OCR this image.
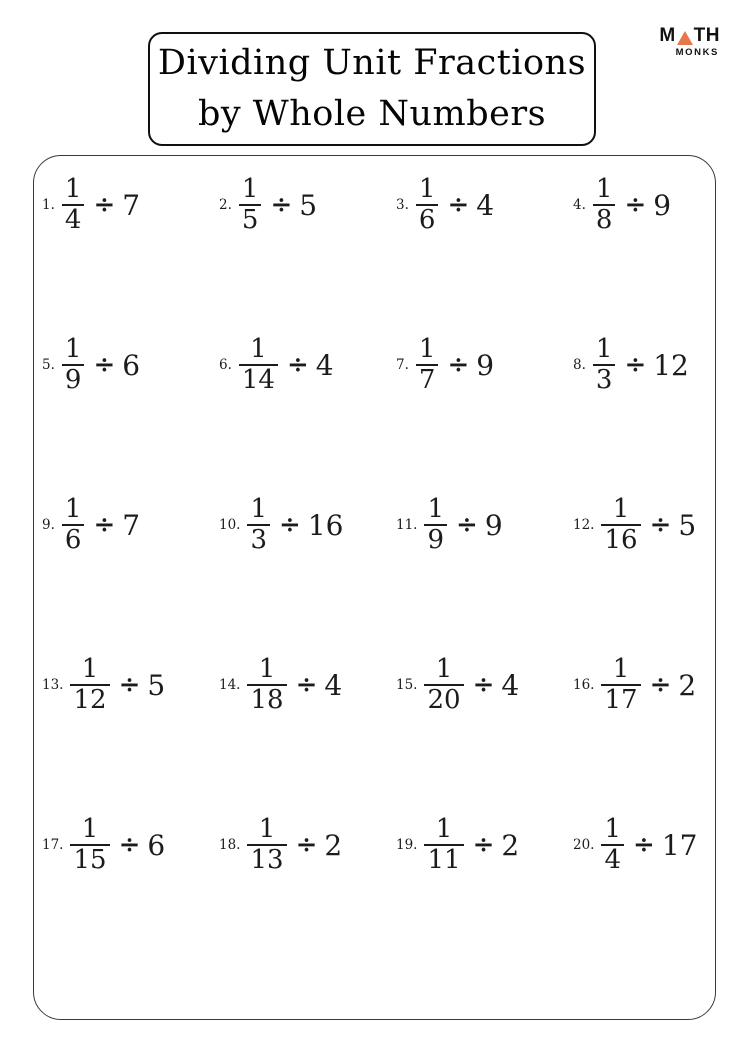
M TH
MONKS
Dividing Unit Fractions
by Whole Numbers
1. $\frac{1}{4} \div 7$	2. $\frac{1}{5} \div 5$	3. $\frac{1}{6} \div 4$	4. $\frac{1}{8} \div 9$
5. $\frac{1}{9} \div 6$	6. $\frac{1}{14} \div 4$	7. $\frac{1}{7} \div 9$	8. $\frac{1}{3} \div 12$
9. $\frac{1}{6} \div 7$	10. $\frac{1}{3} \div 16$	11. $\frac{1}{9} \div 9$	12. $\frac{1}{16} \div 5$
13. $\frac{1}{12} \div 5$	14. $\frac{1}{18} \div 4$	15. $\frac{1}{20} \div 4$	16. $\frac{1}{17} \div 2$
17. $\frac{1}{15} \div 6$	18. $\frac{1}{13} \div 2$	19. $\frac{1}{11} \div 2$	20. $\frac{1}{4} \div 17$
